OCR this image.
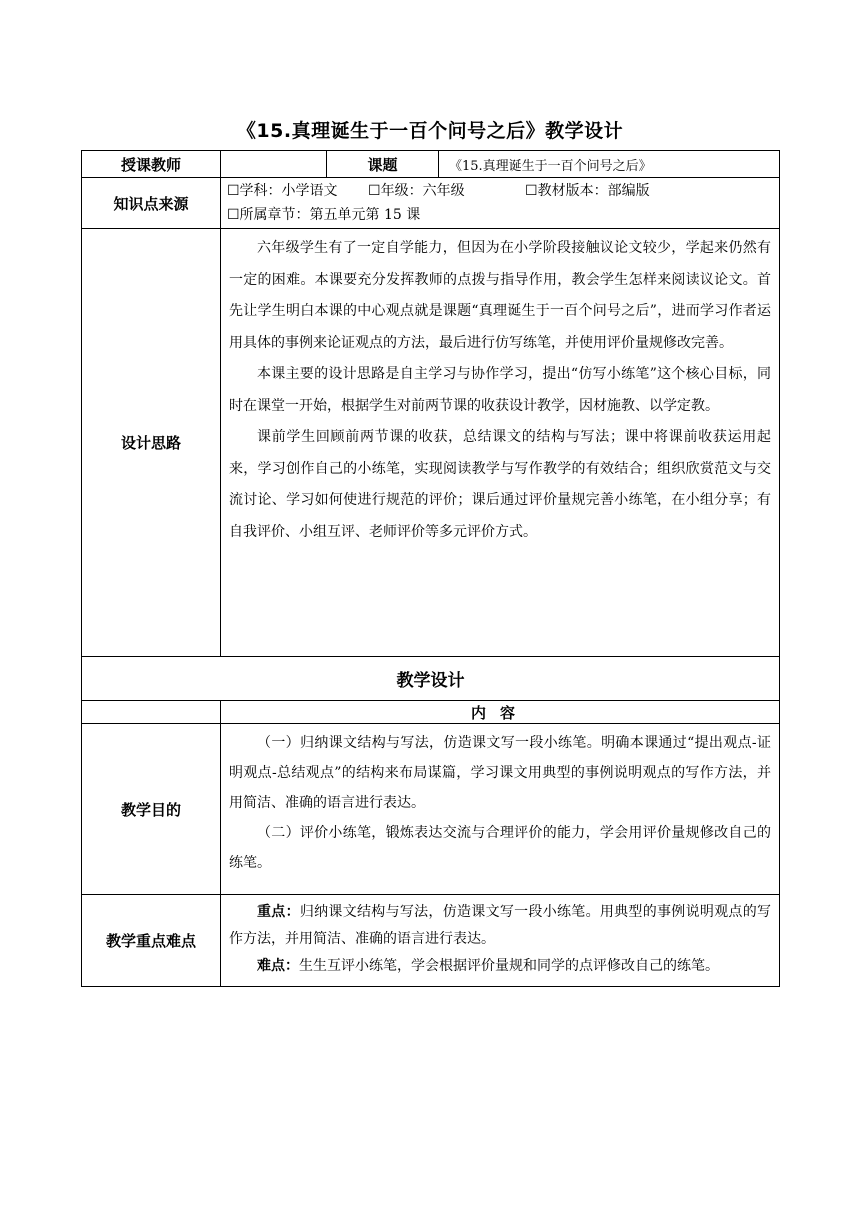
《15.真理诞生于一百个问号之后》教学设计
授课教师		课题	《15.真理诞生于一百个问号之后》
知识点来源	☐学科：小学语文 ☐年级：六年级 ☐教材版本：部编版
☐所属章节：第五单元第 15 课		

设计思路	六年级学生有了一定自学能力，但因为在小学阶段接触议论文较少，学起来仍然有一定的困难。本课要充分发挥教师的点拨与指导作用，教会学生怎样来阅读议论文。首先让学生明白本课的中心观点就是课题“真理诞生于一百个问号之后”，进而学习作者运用具体的事例来论证观点的方法，最后进行仿写练笔，并使用评价量规修改完善。

本课主要的设计思路是自主学习与协作学习，提出“仿写小练笔”这个核心目标，同时在课堂一开始，根据学生对前两节课的收获设计教学，因材施教、以学定教。

课前学生回顾前两节课的收获，总结课文的结构与写法；课中将课前收获运用起来，学习创作自己的小练笔，实现阅读教学与写作教学的有效结合；组织欣赏范文与交流讨论、学习如何使进行规范的评价；课后通过评价量规完善小练笔，在小组分享；有自我评价、小组互评、老师评价等多元评价方式。		

教学设计			
	内容		
教学目的	（一）归纳课文结构与写法，仿造课文写一段小练笔。明确本课通过“提出观点-证明观点-总结观点”的结构来布局谋篇，学习课文用典型的事例说明观点的写作方法，并用简洁、准确的语言进行表达。

（二）评价小练笔，锻炼表达交流与合理评价的能力，学会用评价量规修改自己的练笔。		

教学重点难点	重点：归纳课文结构与写法，仿造课文写一段小练笔。用典型的事例说明观点的写作方法，并用简洁、准确的语言进行表达。

难点：生生互评小练笔，学会根据评价量规和同学的点评修改自己的练笔。		
